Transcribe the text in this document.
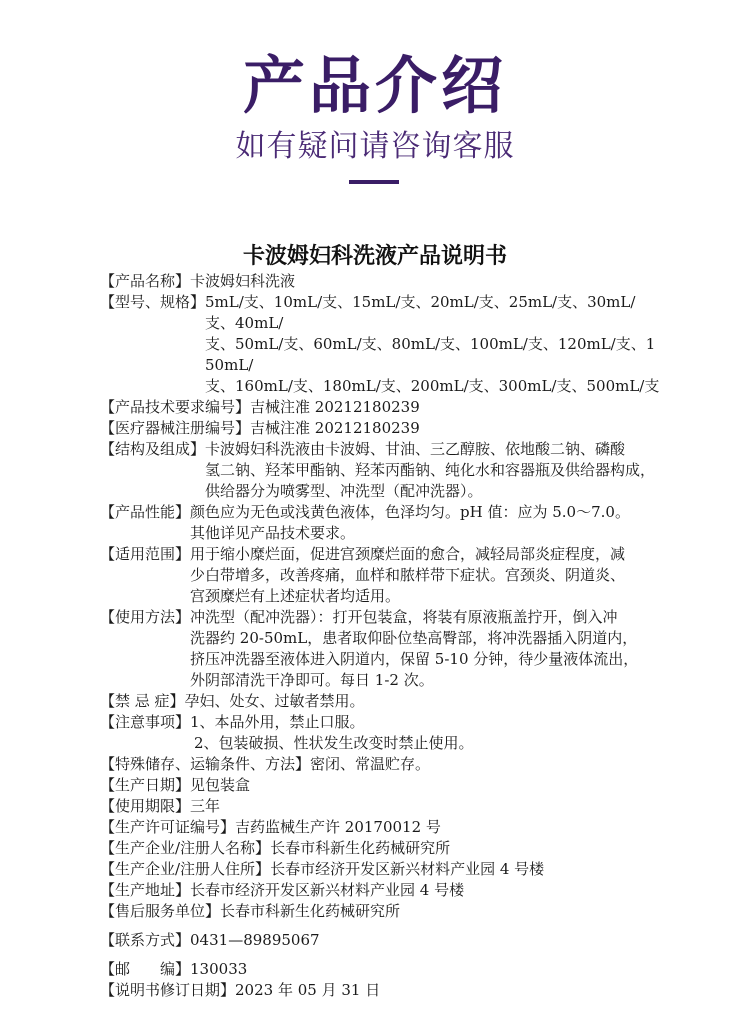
产品介绍
如有疑问请咨询客服
卡波姆妇科洗液产品说明书
【产品名称】 卡波姆妇科洗液
【型号、规格】 5mL/支、10mL/支、15mL/支、20mL/支、25mL/支、30mL/支、40mL/
支、50mL/支、60mL/支、80mL/支、100mL/支、120mL/支、150mL/
支、160mL/支、180mL/支、200mL/支、300mL/支、500mL/支
【产品技术要求编号】 吉械注准 20212180239
【医疗器械注册编号】 吉械注准 20212180239
【结构及组成】 卡波姆妇科洗液由卡波姆、甘油、三乙醇胺、依地酸二钠、磷酸
氢二钠、羟苯甲酯钠、羟苯丙酯钠、纯化水和容器瓶及供给器构成，
供给器分为喷雾型、冲洗型（配冲洗器）。
【产品性能】 颜色应为无色或浅黄色液体，色泽均匀。pH 值：应为 5.0～7.0。
其他详见产品技术要求。
【适用范围】 用于缩小糜烂面，促进宫颈糜烂面的愈合，减轻局部炎症程度，减
少白带增多，改善疼痛，血样和脓样带下症状。宫颈炎、阴道炎、
宫颈糜烂有上述症状者均适用。
【使用方法】 冲洗型（配冲洗器）：打开包装盒，将装有原液瓶盖拧开，倒入冲
洗器约 20-50mL，患者取仰卧位垫高臀部，将冲洗器插入阴道内，
挤压冲洗器至液体进入阴道内，保留 5-10 分钟，待少量液体流出，
外阴部清洗干净即可。每日 1-2 次。
【禁 忌 症】 孕妇、处女、过敏者禁用。
【注意事项】 1、本品外用，禁止口服。
2、包装破损、性状发生改变时禁止使用。
【特殊储存、运输条件、方法】 密闭、常温贮存。
【生产日期】 见包装盒
【使用期限】 三年
【生产许可证编号】 吉药监械生产许 20170012 号
【生产企业/注册人名称】 长春市科新生化药械研究所
【生产企业/注册人住所】 长春市经济开发区新兴材料产业园 4 号楼
【生产地址】 长春市经济开发区新兴材料产业园 4 号楼
【售后服务单位】 长春市科新生化药械研究所
【联系方式】 0431—89895067
【邮　　编】 130033
【说明书修订日期】 2023 年 05 月 31 日
